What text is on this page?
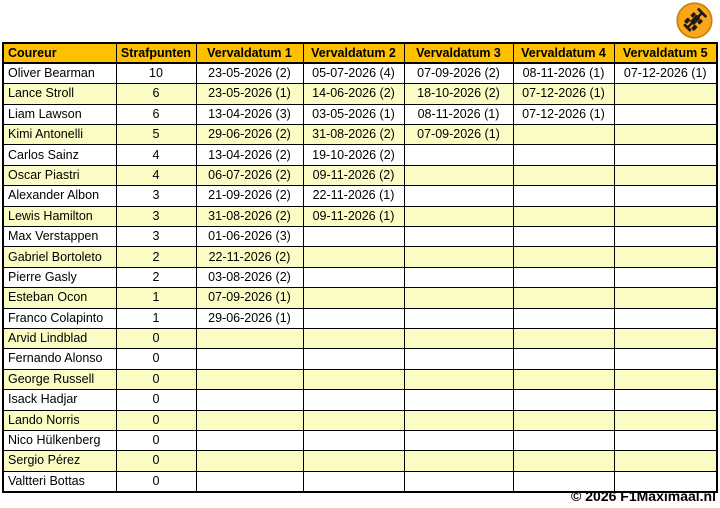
Coureur	Strafpunten	Vervaldatum 1	Vervaldatum 2	Vervaldatum 3	Vervaldatum 4	Vervaldatum 5
Oliver Bearman	10	23-05-2026 (2)	05-07-2026 (4)	07-09-2026 (2)	08-11-2026 (1)	07-12-2026 (1)
Lance Stroll	6	23-05-2026 (1)	14-06-2026 (2)	18-10-2026 (2)	07-12-2026 (1)	
Liam Lawson	6	13-04-2026 (3)	03-05-2026 (1)	08-11-2026 (1)	07-12-2026 (1)	
Kimi Antonelli	5	29-06-2026 (2)	31-08-2026 (2)	07-09-2026 (1)		
Carlos Sainz	4	13-04-2026 (2)	19-10-2026 (2)			
Oscar Piastri	4	06-07-2026 (2)	09-11-2026 (2)			
Alexander Albon	3	21-09-2026 (2)	22-11-2026 (1)			
Lewis Hamilton	3	31-08-2026 (2)	09-11-2026 (1)			
Max Verstappen	3	01-06-2026 (3)				
Gabriel Bortoleto	2	22-11-2026 (2)				
Pierre Gasly	2	03-08-2026 (2)				
Esteban Ocon	1	07-09-2026 (1)				
Franco Colapinto	1	29-06-2026 (1)				
Arvid Lindblad	0					
Fernando Alonso	0					
George Russell	0					
Isack Hadjar	0					
Lando Norris	0					
Nico Hülkenberg	0					
Sergio Pérez	0					
Valtteri Bottas	0					
© 2026 F1Maximaal.nl
